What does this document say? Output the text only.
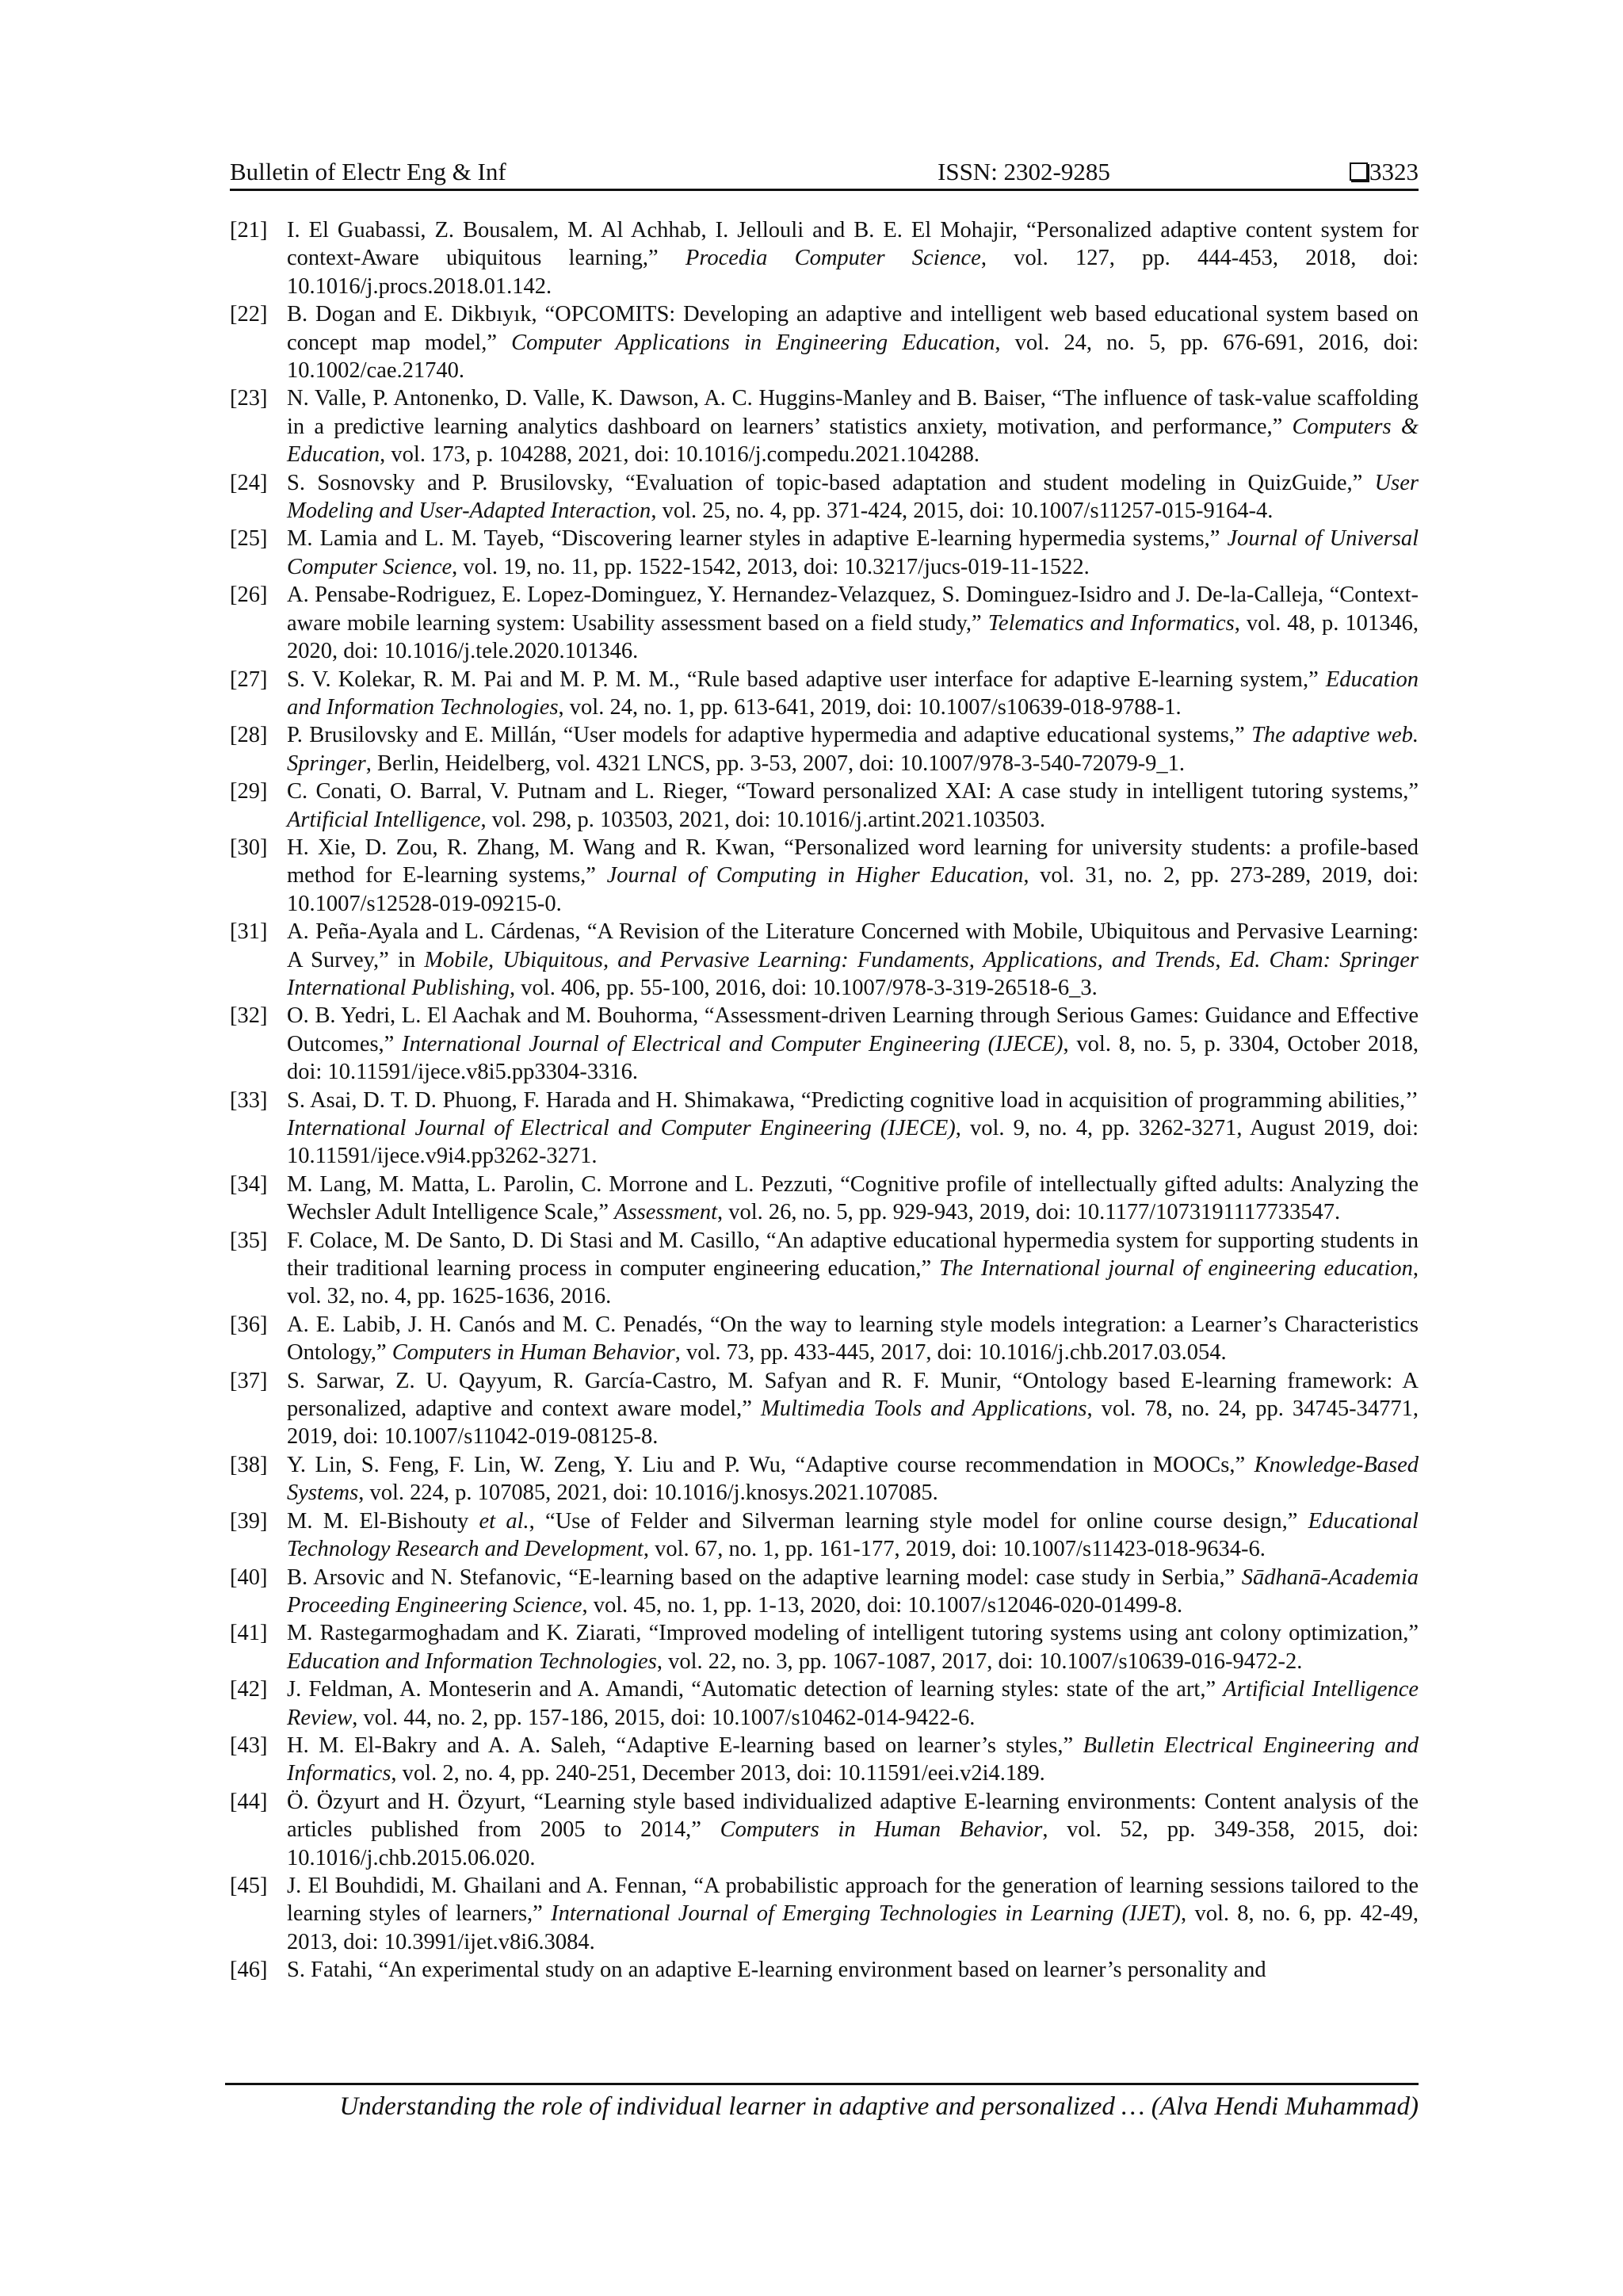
Bulletin of Electr Eng & Inf	ISSN: 2302-9285	3323
[21] I. El Guabassi, Z. Bousalem, M. Al Achhab, I. Jellouli and B. E. El Mohajir, “Personalized adaptive content system for context-Aware ubiquitous learning,” Procedia Computer Science, vol. 127, pp. 444-453, 2018, doi: 10.1016/j.procs.2018.01.142.
[22] B. Dogan and E. Dikbıyık, “OPCOMITS: Developing an adaptive and intelligent web based educational system based on concept map model,” Computer Applications in Engineering Education, vol. 24, no. 5, pp. 676-691, 2016, doi: 10.1002/cae.21740.
[23] N. Valle, P. Antonenko, D. Valle, K. Dawson, A. C. Huggins-Manley and B. Baiser, “The influence of task-value scaffolding in a predictive learning analytics dashboard on learners’ statistics anxiety, motivation, and performance,” Computers & Education, vol. 173, p. 104288, 2021, doi: 10.1016/j.compedu.2021.104288.
[24] S. Sosnovsky and P. Brusilovsky, “Evaluation of topic-based adaptation and student modeling in QuizGuide,” User Modeling and User-Adapted Interaction, vol. 25, no. 4, pp. 371-424, 2015, doi: 10.1007/s11257-015-9164-4.
[25] M. Lamia and L. M. Tayeb, “Discovering learner styles in adaptive E-learning hypermedia systems,” Journal of Universal Computer Science, vol. 19, no. 11, pp. 1522-1542, 2013, doi: 10.3217/jucs-019-11-1522.
[26] A. Pensabe-Rodriguez, E. Lopez-Dominguez, Y. Hernandez-Velazquez, S. Dominguez-Isidro and J. De-la-Calleja, “Context-aware mobile learning system: Usability assessment based on a field study,” Telematics and Informatics, vol. 48, p. 101346, 2020, doi: 10.1016/j.tele.2020.101346.
[27] S. V. Kolekar, R. M. Pai and M. P. M. M., “Rule based adaptive user interface for adaptive E-learning system,” Education and Information Technologies, vol. 24, no. 1, pp. 613-641, 2019, doi: 10.1007/s10639-018-9788-1.
[28] P. Brusilovsky and E. Millán, “User models for adaptive hypermedia and adaptive educational systems,” The adaptive web. Springer, Berlin, Heidelberg, vol. 4321 LNCS, pp. 3-53, 2007, doi: 10.1007/978-3-540-72079-9_1.
[29] C. Conati, O. Barral, V. Putnam and L. Rieger, “Toward personalized XAI: A case study in intelligent tutoring systems,” Artificial Intelligence, vol. 298, p. 103503, 2021, doi: 10.1016/j.artint.2021.103503.
[30] H. Xie, D. Zou, R. Zhang, M. Wang and R. Kwan, “Personalized word learning for university students: a profile-based method for E-learning systems,” Journal of Computing in Higher Education, vol. 31, no. 2, pp. 273-289, 2019, doi: 10.1007/s12528-019-09215-0.
[31] A. Peña-Ayala and L. Cárdenas, “A Revision of the Literature Concerned with Mobile, Ubiquitous and Pervasive Learning: A Survey,” in Mobile, Ubiquitous, and Pervasive Learning: Fundaments, Applications, and Trends, Ed. Cham: Springer International Publishing, vol. 406, pp. 55-100, 2016, doi: 10.1007/978-3-319-26518-6_3.
[32] O. B. Yedri, L. El Aachak and M. Bouhorma, “Assessment-driven Learning through Serious Games: Guidance and Effective Outcomes,” International Journal of Electrical and Computer Engineering (IJECE), vol. 8, no. 5, p. 3304, October 2018, doi: 10.11591/ijece.v8i5.pp3304-3316.
[33] S. Asai, D. T. D. Phuong, F. Harada and H. Shimakawa, “Predicting cognitive load in acquisition of programming abilities,’’ International Journal of Electrical and Computer Engineering (IJECE), vol. 9, no. 4, pp. 3262-3271, August 2019, doi: 10.11591/ijece.v9i4.pp3262-3271.
[34] M. Lang, M. Matta, L. Parolin, C. Morrone and L. Pezzuti, “Cognitive profile of intellectually gifted adults: Analyzing the Wechsler Adult Intelligence Scale,” Assessment, vol. 26, no. 5, pp. 929-943, 2019, doi: 10.1177/1073191117733547.
[35] F. Colace, M. De Santo, D. Di Stasi and M. Casillo, “An adaptive educational hypermedia system for supporting students in their traditional learning process in computer engineering education,” The International journal of engineering education, vol. 32, no. 4, pp. 1625-1636, 2016.
[36] A. E. Labib, J. H. Canós and M. C. Penadés, “On the way to learning style models integration: a Learner’s Characteristics Ontology,” Computers in Human Behavior, vol. 73, pp. 433-445, 2017, doi: 10.1016/j.chb.2017.03.054.
[37] S. Sarwar, Z. U. Qayyum, R. García-Castro, M. Safyan and R. F. Munir, “Ontology based E-learning framework: A personalized, adaptive and context aware model,” Multimedia Tools and Applications, vol. 78, no. 24, pp. 34745-34771, 2019, doi: 10.1007/s11042-019-08125-8.
[38] Y. Lin, S. Feng, F. Lin, W. Zeng, Y. Liu and P. Wu, “Adaptive course recommendation in MOOCs,” Knowledge-Based Systems, vol. 224, p. 107085, 2021, doi: 10.1016/j.knosys.2021.107085.
[39] M. M. El-Bishouty et al., “Use of Felder and Silverman learning style model for online course design,” Educational Technology Research and Development, vol. 67, no. 1, pp. 161-177, 2019, doi: 10.1007/s11423-018-9634-6.
[40] B. Arsovic and N. Stefanovic, “E-learning based on the adaptive learning model: case study in Serbia,” Sādhanā-Academia Proceeding Engineering Science, vol. 45, no. 1, pp. 1-13, 2020, doi: 10.1007/s12046-020-01499-8.
[41] M. Rastegarmoghadam and K. Ziarati, “Improved modeling of intelligent tutoring systems using ant colony optimization,” Education and Information Technologies, vol. 22, no. 3, pp. 1067-1087, 2017, doi: 10.1007/s10639-016-9472-2.
[42] J. Feldman, A. Monteserin and A. Amandi, “Automatic detection of learning styles: state of the art,” Artificial Intelligence Review, vol. 44, no. 2, pp. 157-186, 2015, doi: 10.1007/s10462-014-9422-6.
[43] H. M. El-Bakry and A. A. Saleh, “Adaptive E-learning based on learner’s styles,” Bulletin Electrical Engineering and Informatics, vol. 2, no. 4, pp. 240-251, December 2013, doi: 10.11591/eei.v2i4.189.
[44] Ö. Özyurt and H. Özyurt, “Learning style based individualized adaptive E-learning environments: Content analysis of the articles published from 2005 to 2014,” Computers in Human Behavior, vol. 52, pp. 349-358, 2015, doi: 10.1016/j.chb.2015.06.020.
[45] J. El Bouhdidi, M. Ghailani and A. Fennan, “A probabilistic approach for the generation of learning sessions tailored to the learning styles of learners,” International Journal of Emerging Technologies in Learning (IJET), vol. 8, no. 6, pp. 42-49, 2013, doi: 10.3991/ijet.v8i6.3084.
[46] S. Fatahi, “An experimental study on an adaptive E-learning environment based on learner’s personality and
Understanding the role of individual learner in adaptive and personalized … (Alva Hendi Muhammad)
